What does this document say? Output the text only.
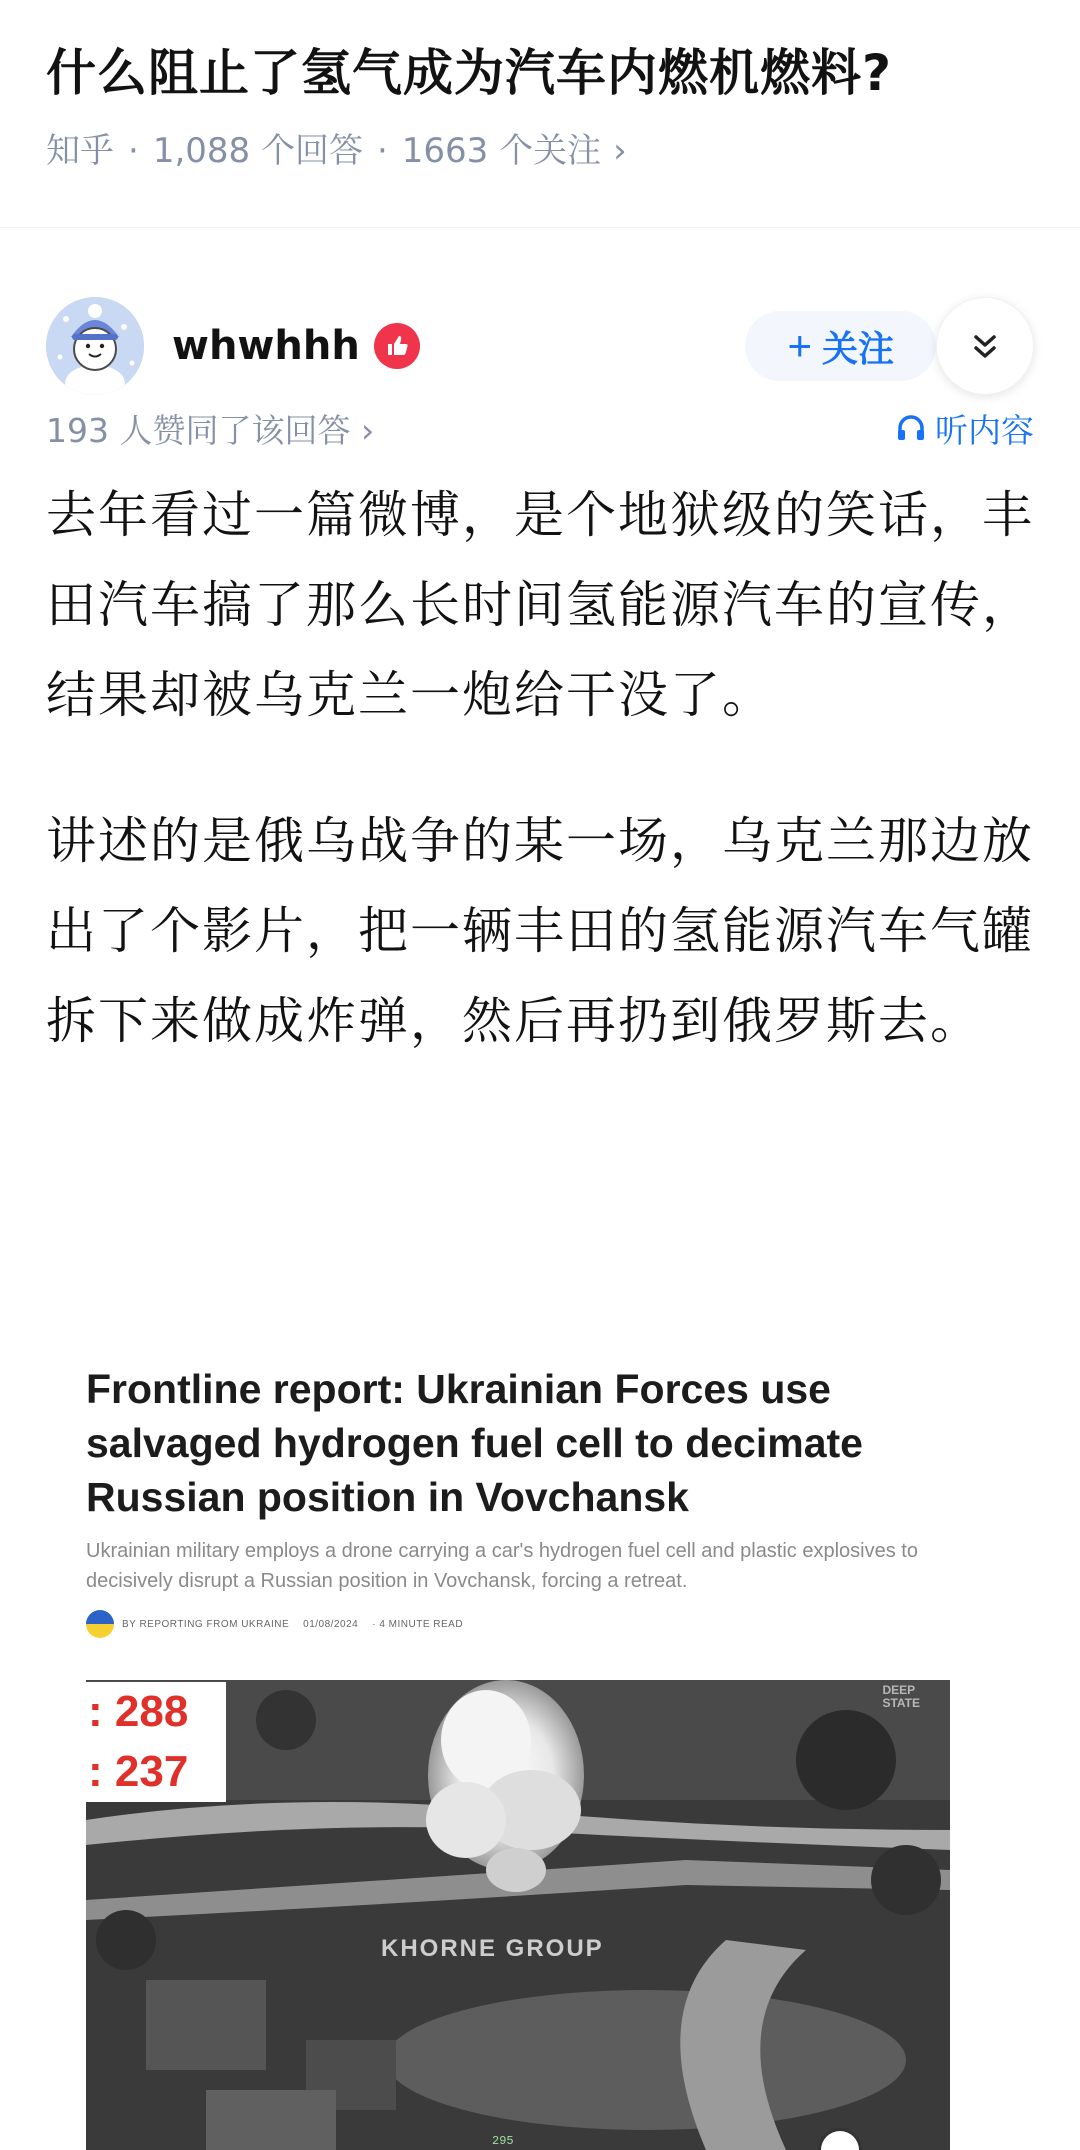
什么阻止了氢气成为汽车内燃机燃料?
知乎 · 1,088 个回答 · 1663 个关注 ›
whwhhh	+ 关注
193 人赞同了该回答 ›	听内容

去年看过一篇微博，是个地狱级的笑话，丰田汽车搞了那么长时间氢能源汽车的宣传，结果却被乌克兰一炮给干没了。

讲述的是俄乌战争的某一场，乌克兰那边放出了个影片，把一辆丰田的氢能源汽车气罐拆下来做成炸弹，然后再扔到俄罗斯去。

Frontline report: Ukrainian Forces use salvaged hydrogen fuel cell to decimate Russian position in Vovchansk
Ukrainian military employs a drone carrying a car's hydrogen fuel cell and plastic explosives to decisively disrupt a Russian position in Vovchansk, forcing a retreat.
BY REPORTING FROM UKRAINE 01/08/2024 · 4 MINUTE READ
: 288
: 237
DEEP
STATE
KHORNE GROUP
295
